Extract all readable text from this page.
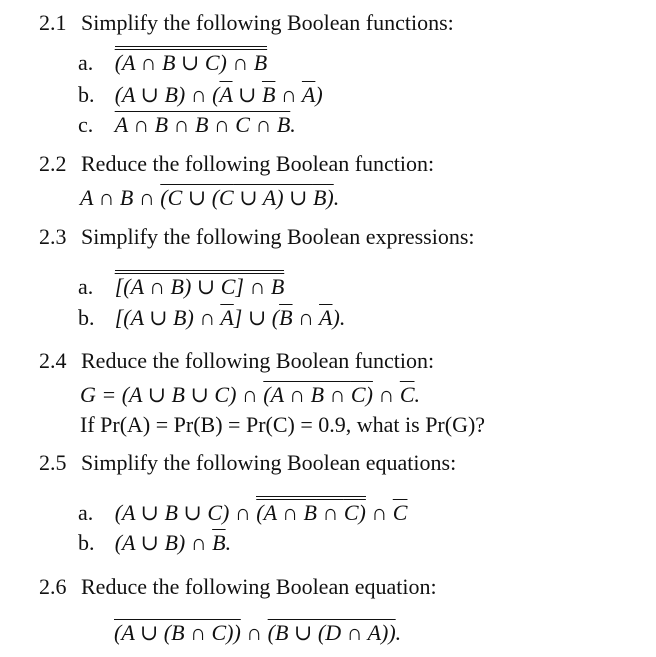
2.1 Simplify the following Boolean functions:
a. (A ∩ B ∪ C) ∩ B
b. (A ∪ B) ∩ ($\overline{A}$ ∪ $\overline{B}$ ∩ $\overline{A}$)
c. A ∩ B ∩ B ∩ C ∩ B.
2.2 Reduce the following Boolean function:
A ∩ B ∩ (C ∪ (C ∪ A) ∪ B).
2.3 Simplify the following Boolean expressions:
a. [(A ∩ B) ∪ C] ∩ B
b. [(A ∪ B) ∩ $\overline{A}$] ∪ ($\overline{B}$ ∩ $\overline{A}$).
2.4 Reduce the following Boolean function:
G = (A ∪ B ∪ C) ∩ (A ∩ B ∩ C) ∩ $\overline{C}$.
If Pr(A) = Pr(B) = Pr(C) = 0.9, what is Pr(G)?
2.5 Simplify the following Boolean equations:
a. (A ∪ B ∪ C) ∩ (A ∩ $\overline{B}$ ∩ $\overline{C}$) ∩ $\overline{C}$
b. (A ∪ B) ∩ $\overline{B}$.
2.6 Reduce the following Boolean equation:
(A ∪ (B ∩ C)) ∩ (B ∪ (D ∩ A)).
